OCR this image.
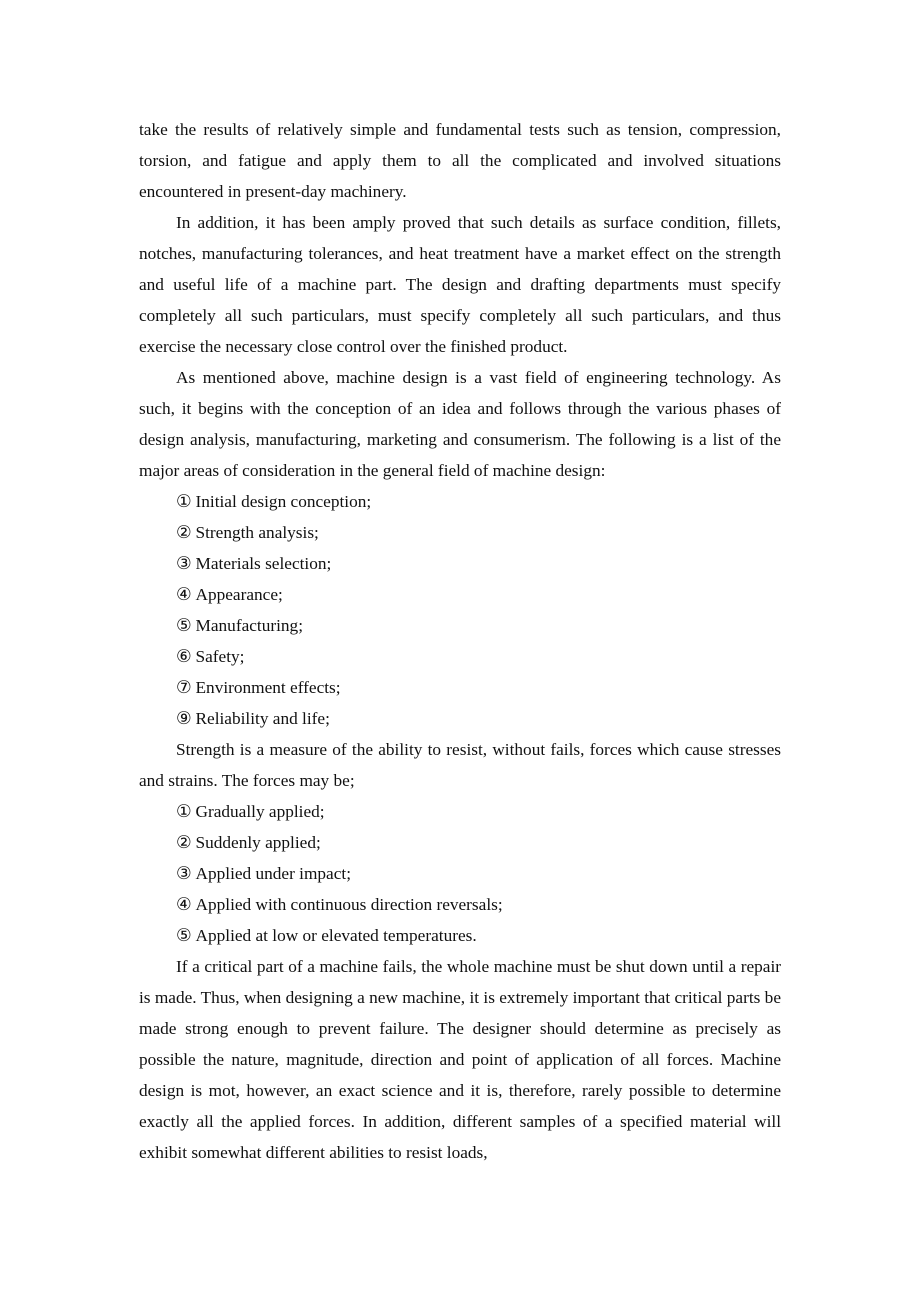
take the results of relatively simple and fundamental tests such as tension, compression, torsion, and fatigue and apply them to all the complicated and involved situations encountered in present-day machinery.

In addition, it has been amply proved that such details as surface condition, fillets, notches, manufacturing tolerances, and heat treatment have a market effect on the strength and useful life of a machine part. The design and drafting departments must specify completely all such particulars, must specify completely all such particulars, and thus exercise the necessary close control over the finished product.

As mentioned above, machine design is a vast field of engineering technology. As such, it begins with the conception of an idea and follows through the various phases of design analysis, manufacturing, marketing and consumerism. The following is a list of the major areas of consideration in the general field of machine design:

① Initial design conception;
② Strength analysis;
③ Materials selection;
④ Appearance;
⑤ Manufacturing;
⑥ Safety;
⑦ Environment effects;
⑨ Reliability and life;

Strength is a measure of the ability to resist, without fails, forces which cause stresses and strains. The forces may be;

① Gradually applied;
② Suddenly applied;
③ Applied under impact;
④ Applied with continuous direction reversals;
⑤ Applied at low or elevated temperatures.

If a critical part of a machine fails, the whole machine must be shut down until a repair is made. Thus, when designing a new machine, it is extremely important that critical parts be made strong enough to prevent failure. The designer should determine as precisely as possible the nature, magnitude, direction and point of application of all forces. Machine design is mot, however, an exact science and it is, therefore, rarely possible to determine exactly all the applied forces. In addition, different samples of a specified material will exhibit somewhat different abilities to resist loads,
